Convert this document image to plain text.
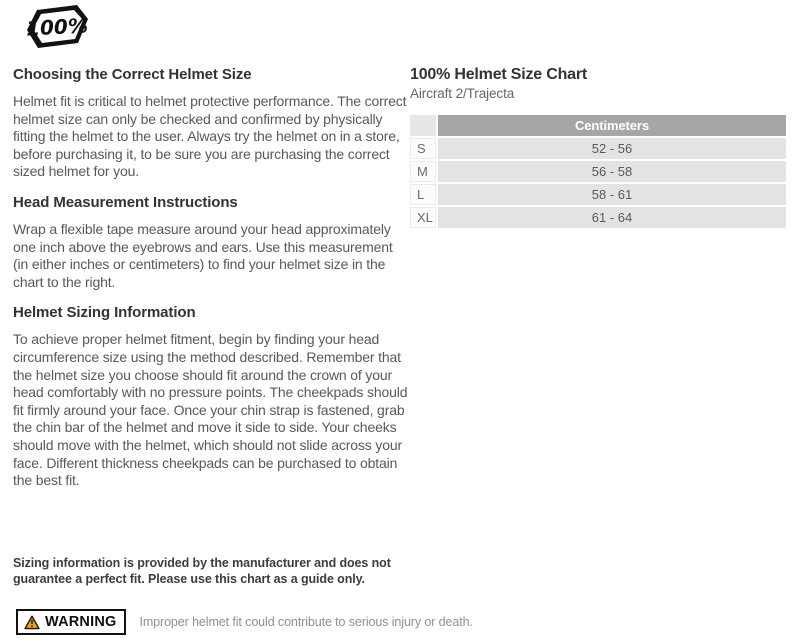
100%
Choosing the Correct Helmet Size

Helmet fit is critical to helmet protective performance. The correct helmet size can only be checked and confirmed by physically fitting the helmet to the user. Always try the helmet on in a store, before purchasing it, to be sure you are purchasing the correct sized helmet for you.

Head Measurement Instructions

Wrap a flexible tape measure around your head approximately one inch above the eyebrows and ears. Use this measurement (in either inches or centimeters) to find your helmet size in the chart to the right.

Helmet Sizing Information

To achieve proper helmet fitment, begin by finding your head circumference size using the method described. Remember that the helmet size you choose should fit around the crown of your head comfortably with no pressure points. The cheekpads should fit firmly around your face. Once your chin strap is fastened, grab the chin bar of the helmet and move it side to side. Your cheeks should move with the helmet, which should not slide across your face. Different thickness cheekpads can be purchased to obtain the best fit.

Sizing information is provided by the manufacturer and does not guarantee a perfect fit. Please use this chart as a guide only.
WARNING Improper helmet fit could contribute to serious injury or death.
100% Helmet Size Chart
Aircraft 2/Trajecta
	Centimeters
S	52 - 56
M	56 - 58
L	58 - 61
XL	61 - 64
